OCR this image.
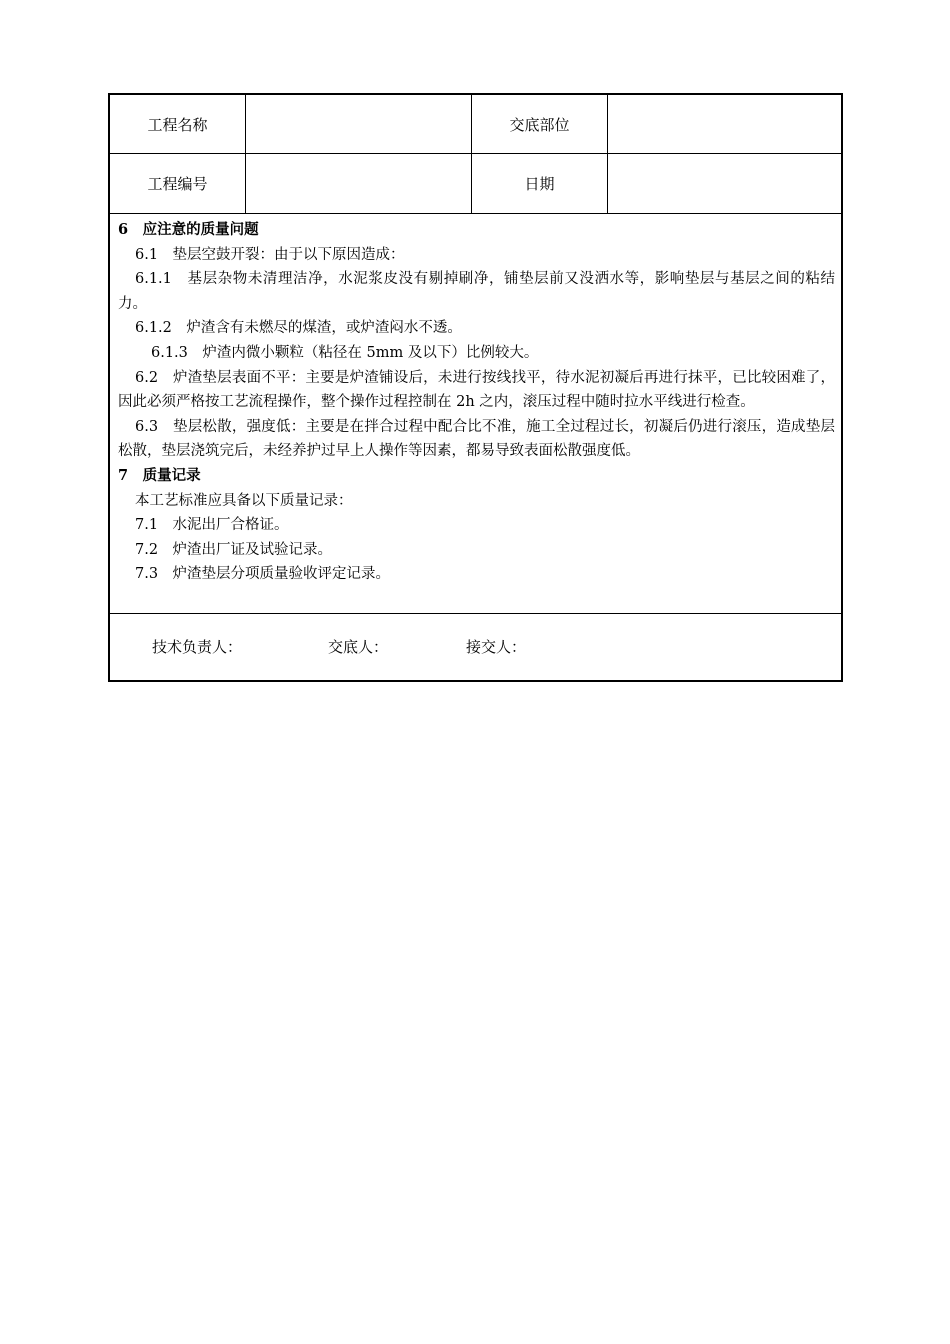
工程名称	交底部位
工程编号	日期

6　应注意的质量问题

6.1　垫层空鼓开裂：由于以下原因造成：

6.1.1　基层杂物未清理洁净，水泥浆皮没有剔掉刷净，铺垫层前又没洒水等，影响垫层与基层之间的粘结力。

6.1.2　炉渣含有未燃尽的煤渣，或炉渣闷水不透。

6.1.3　炉渣内微小颗粒（粘径在 5mm 及以下）比例较大。

6.2　炉渣垫层表面不平：主要是炉渣铺设后，未进行按线找平，待水泥初凝后再进行抹平，已比较困难了，因此必须严格按工艺流程操作，整个操作过程控制在 2h 之内，滚压过程中随时拉水平线进行检查。

6.3　垫层松散，强度低：主要是在拌合过程中配合比不准，施工全过程过长，初凝后仍进行滚压，造成垫层松散，垫层浇筑完后，未经养护过早上人操作等因素，都易导致表面松散强度低。

7　质量记录

本工艺标准应具备以下质量记录：

7.1　水泥出厂合格证。

7.2　炉渣出厂证及试验记录。

7.3　炉渣垫层分项质量验收评定记录。

技术负责人：	交底人：	接交人：
